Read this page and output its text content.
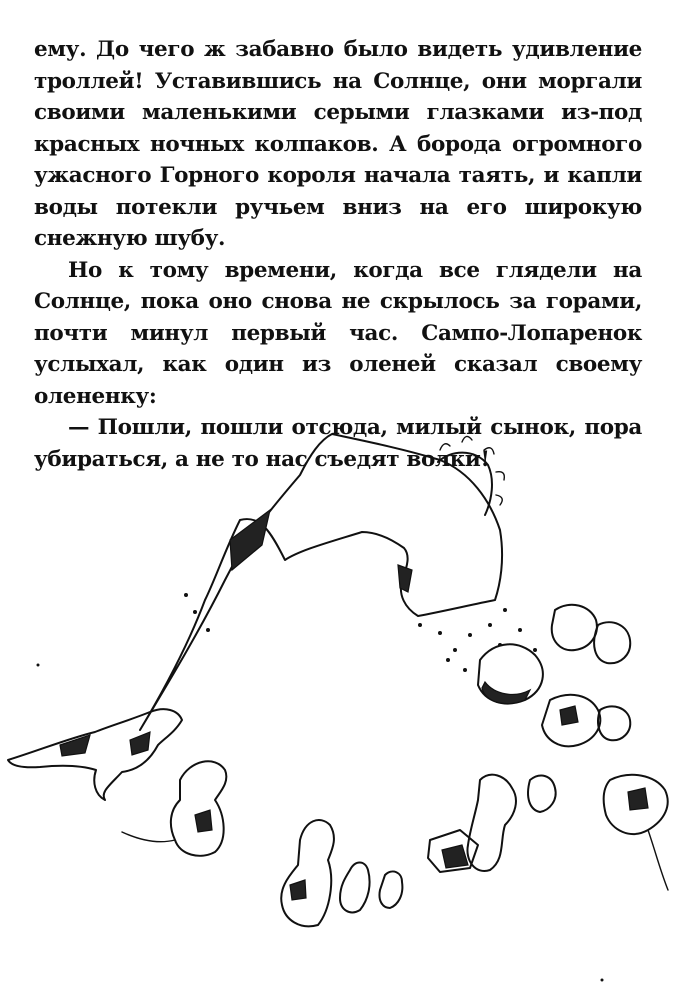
ему. До чего ж забавно было видеть удивление троллей! Уставившись на Солнце, они моргали своими маленькими серыми глазками из-под красных ночных колпаков. А борода огромного ужасного Горного короля начала таять, и капли воды потекли ручьем вниз на его широкую снежную шубу.

Но к тому времени, когда все глядели на Солнце, пока оно снова не скрылось за горами, почти минул первый час. Сампо-Лопаренок услыхал, как один из оленей сказал своему олененку:

— Пошли, пошли отсюда, милый сынок, пора убираться, а не то нас съедят волки!
